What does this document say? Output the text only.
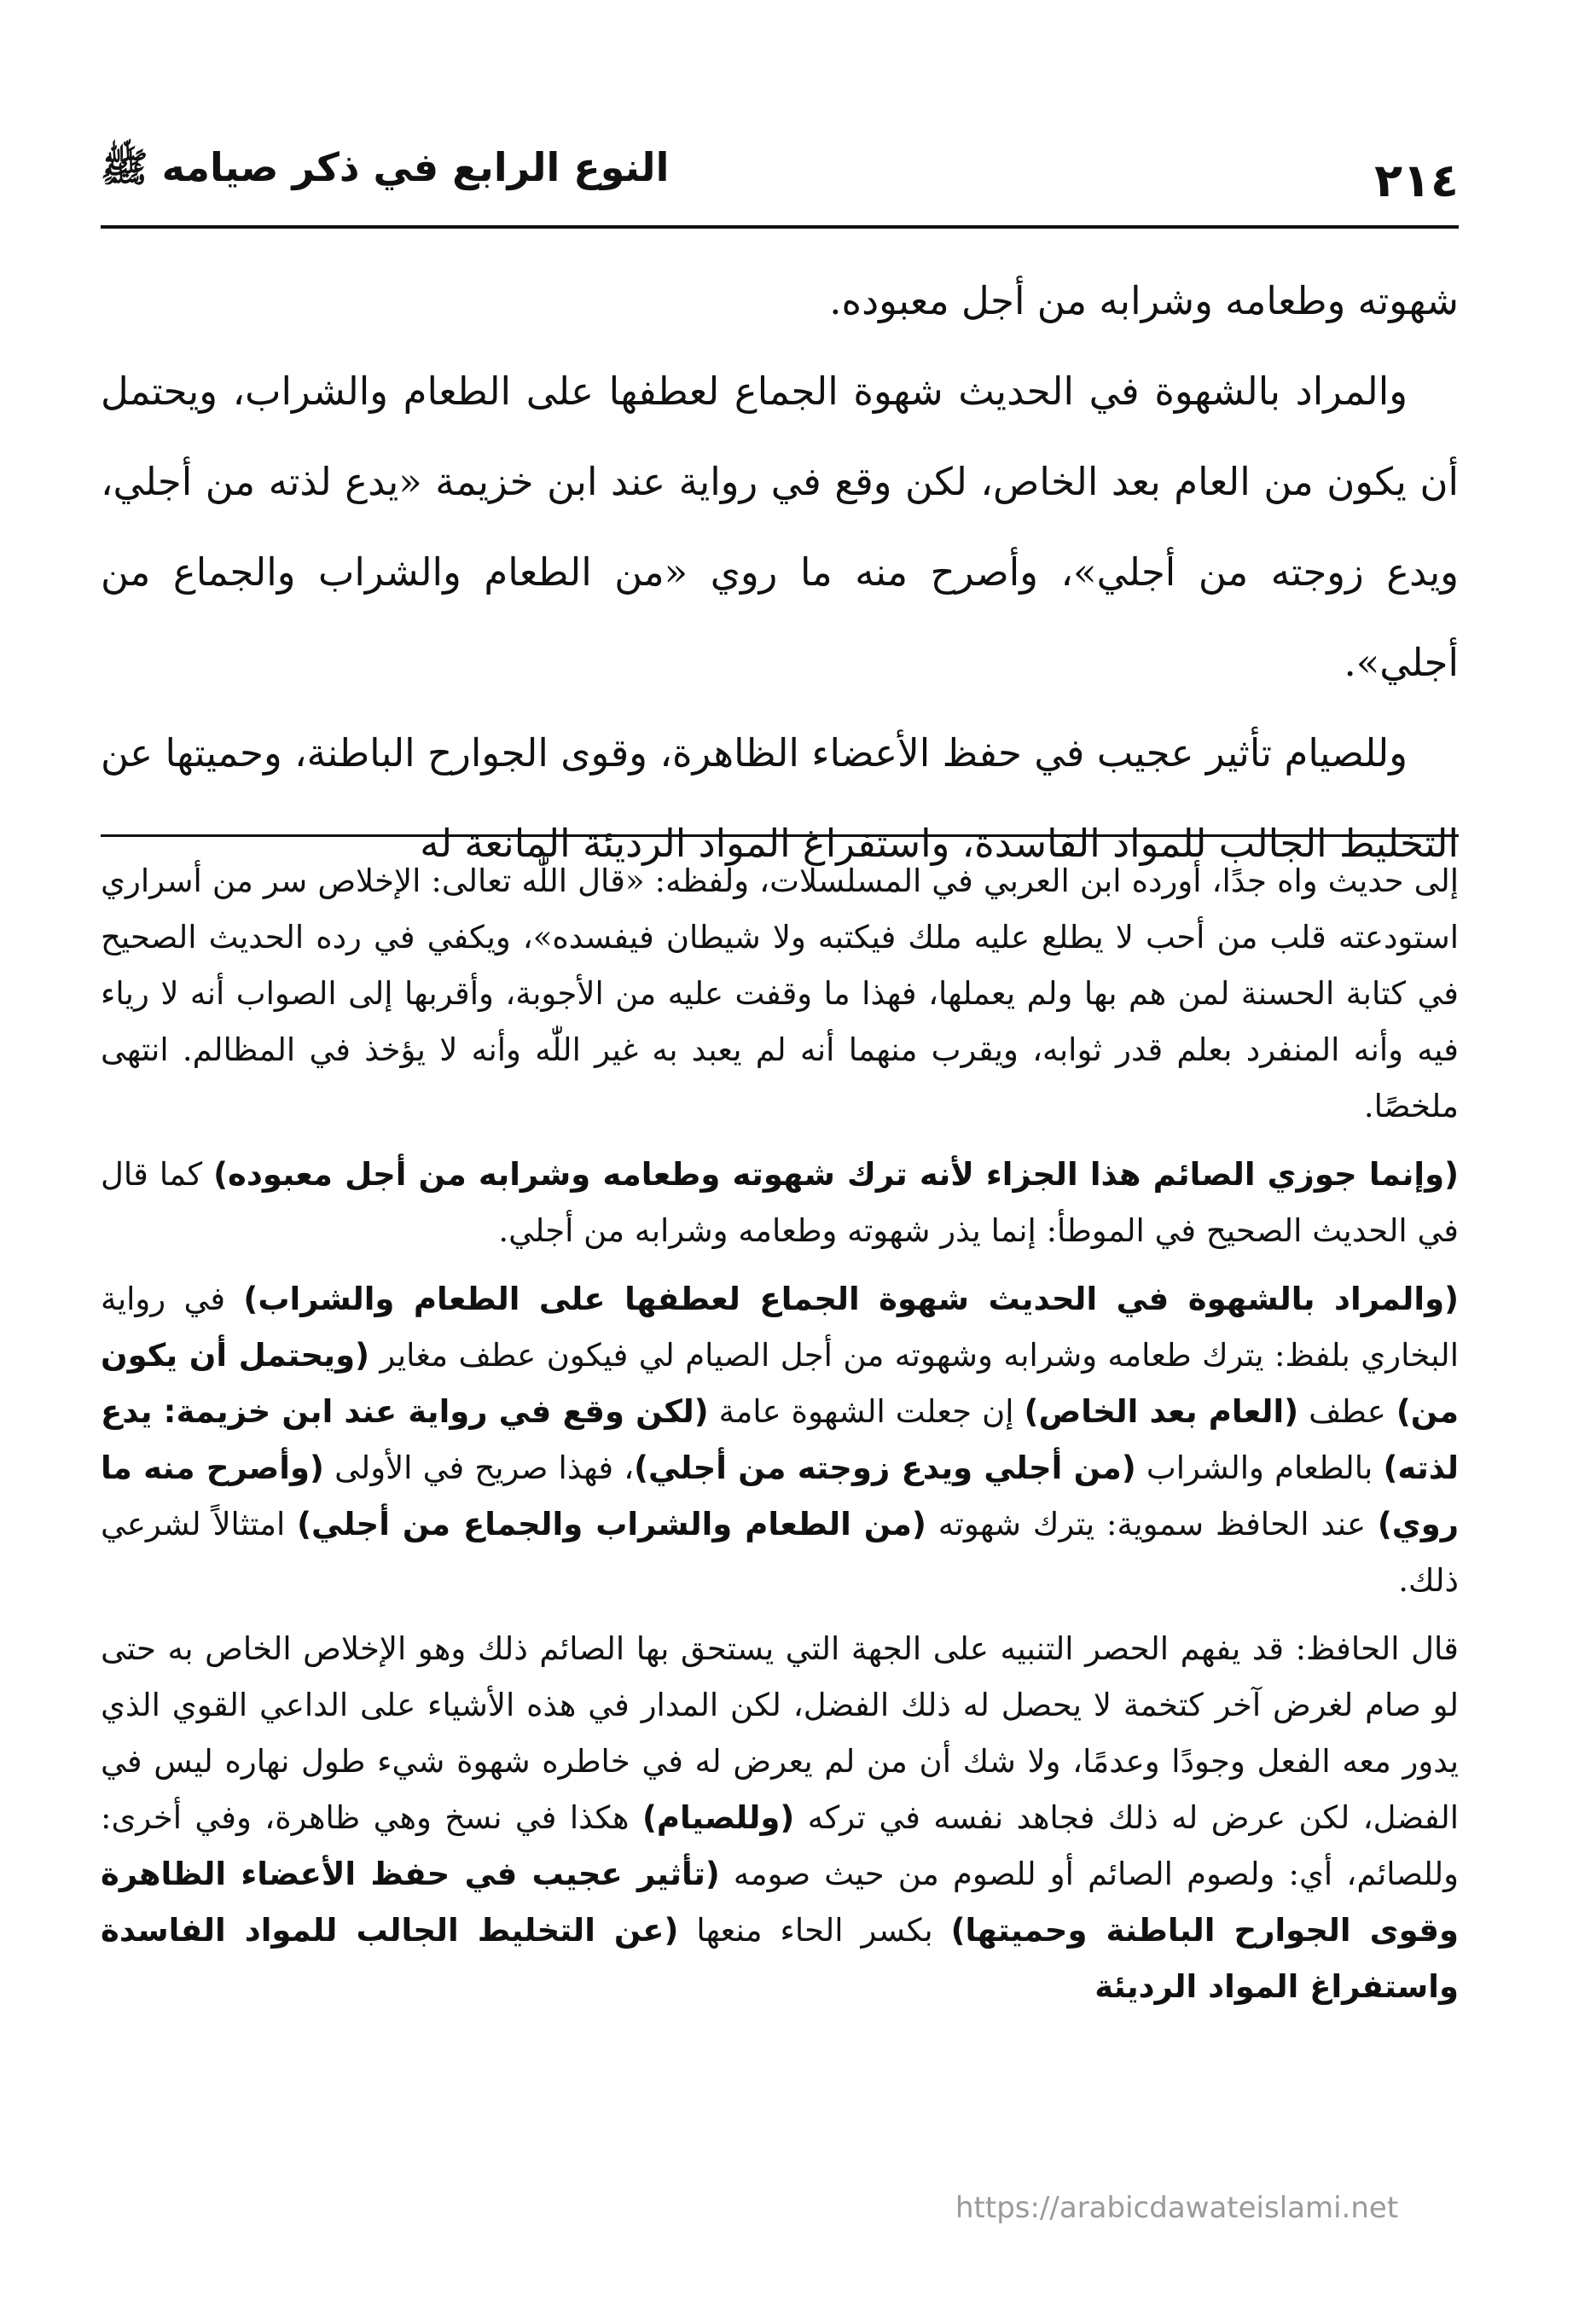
٢١٤
النوع الرابع في ذكر صيامه ﷺ

شهوته وطعامه وشرابه من أجل معبوده.

والمراد بالشهوة في الحديث شهوة الجماع لعطفها على الطعام والشراب، ويحتمل أن يكون من العام بعد الخاص، لكن وقع في رواية عند ابن خزيمة «يدع لذته من أجلي، ويدع زوجته من أجلي»، وأصرح منه ما روي «من الطعام والشراب والجماع من أجلي».

وللصيام تأثير عجيب في حفظ الأعضاء الظاهرة، وقوى الجوارح الباطنة، وحميتها عن التخليط الجالب للمواد الفاسدة، واستفراغ المواد الرديئة المانعة له

إلى حديث واه جدًا، أورده ابن العربي في المسلسلات، ولفظه: «قال اللّٰه تعالى: الإخلاص سر من أسراري استودعته قلب من أحب لا يطلع عليه ملك فيكتبه ولا شيطان فيفسده»، ويكفي في رده الحديث الصحيح في كتابة الحسنة لمن هم بها ولم يعملها، فهذا ما وقفت عليه من الأجوبة، وأقربها إلى الصواب أنه لا رياء فيه وأنه المنفرد بعلم قدر ثوابه، ويقرب منهما أنه لم يعبد به غير اللّٰه وأنه لا يؤخذ في المظالم. انتهى ملخصًا.

(وإنما جوزي الصائم هذا الجزاء لأنه ترك شهوته وطعامه وشرابه من أجل معبوده) كما قال في الحديث الصحيح في الموطأ: إنما يذر شهوته وطعامه وشرابه من أجلي.

(والمراد بالشهوة في الحديث شهوة الجماع لعطفها على الطعام والشراب) في رواية البخاري بلفظ: يترك طعامه وشرابه وشهوته من أجل الصيام لي فيكون عطف مغاير (ويحتمل أن يكون من) عطف (العام بعد الخاص) إن جعلت الشهوة عامة (لكن وقع في رواية عند ابن خزيمة: يدع لذته) بالطعام والشراب (من أجلي ويدع زوجته من أجلي)، فهذا صريح في الأولى (وأصرح منه ما روي) عند الحافظ سموية: يترك شهوته (من الطعام والشراب والجماع من أجلي) امتثالاً لشرعي ذلك.

قال الحافظ: قد يفهم الحصر التنبيه على الجهة التي يستحق بها الصائم ذلك وهو الإخلاص الخاص به حتى لو صام لغرض آخر كتخمة لا يحصل له ذلك الفضل، لكن المدار في هذه الأشياء على الداعي القوي الذي يدور معه الفعل وجودًا وعدمًا، ولا شك أن من لم يعرض له في خاطره شهوة شيء طول نهاره ليس في الفضل، لكن عرض له ذلك فجاهد نفسه في تركه (وللصيام) هكذا في نسخ وهي ظاهرة، وفي أخرى: وللصائم، أي: ولصوم الصائم أو للصوم من حيث صومه (تأثير عجيب في حفظ الأعضاء الظاهرة وقوى الجوارح الباطنة وحميتها) بكسر الحاء منعها (عن التخليط الجالب للمواد الفاسدة واستفراغ المواد الرديئة

https://arabicdawateislami.net
